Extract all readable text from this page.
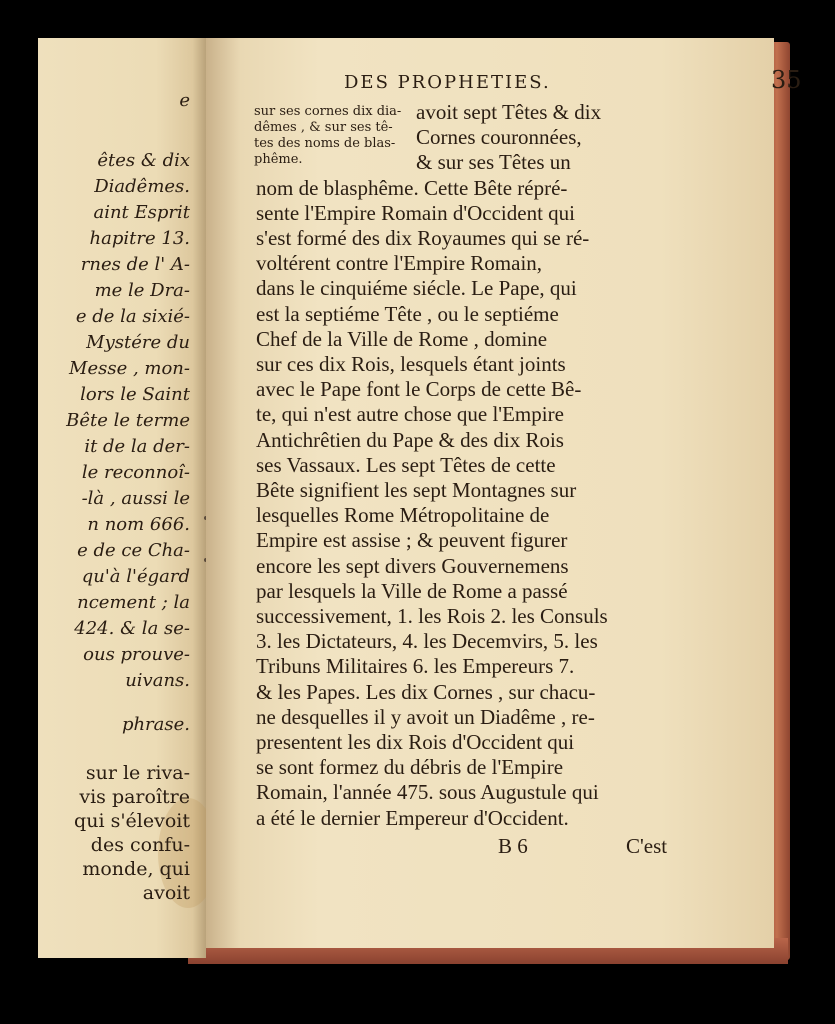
e
êtes & dix
Diadêmes.
aint Esprit
hapitre 13.
rnes de l' A-
me le Dra-
e de la sixié-
Mystére du
Messe , mon-
lors le Saint
Bête le terme
it de la der-
le reconnoî-
-là , aussi le
n nom 666.
e de ce Cha-
qu'à l'égard
ncement ; la
424. & la se-
ous prouve-
uivans.
phrase.
sur le riva-
vis paroître
qui s'élevoit
des confu-
monde, qui
avoit
DES PROPHETIES.	35
sur ses cornes dix dia-
dêmes , & sur ses tê-
tes des noms de blas-
phême.
avoit sept Têtes & dix
Cornes couronnées,
& sur ses Têtes un
nom de blasphême. Cette Bête répré-
sente l'Empire Romain d'Occident qui
s'est formé des dix Royaumes qui se ré-
voltérent contre l'Empire Romain,
dans le cinquiéme siécle. Le Pape, qui
est la septiéme Tête , ou le septiéme
Chef de la Ville de Rome , domine
sur ces dix Rois, lesquels étant joints
avec le Pape font le Corps de cette Bê-
te, qui n'est autre chose que l'Empire
Antichrêtien du Pape & des dix Rois
ses Vassaux. Les sept Têtes de cette
Bête signifient les sept Montagnes sur
lesquelles Rome Métropolitaine de
Empire est assise ; & peuvent figurer
encore les sept divers Gouvernemens
par lesquels la Ville de Rome a passé
successivement, 1. les Rois 2. les Consuls
3. les Dictateurs, 4. les Decemvirs, 5. les
Tribuns Militaires 6. les Empereurs 7.
& les Papes. Les dix Cornes , sur chacu-
ne desquelles il y avoit un Diadême , re-
presentent les dix Rois d'Occident qui
se sont formez du débris de l'Empire
Romain, l'année 475. sous Augustule qui
a été le dernier Empereur d'Occident.
B 6	C'est
